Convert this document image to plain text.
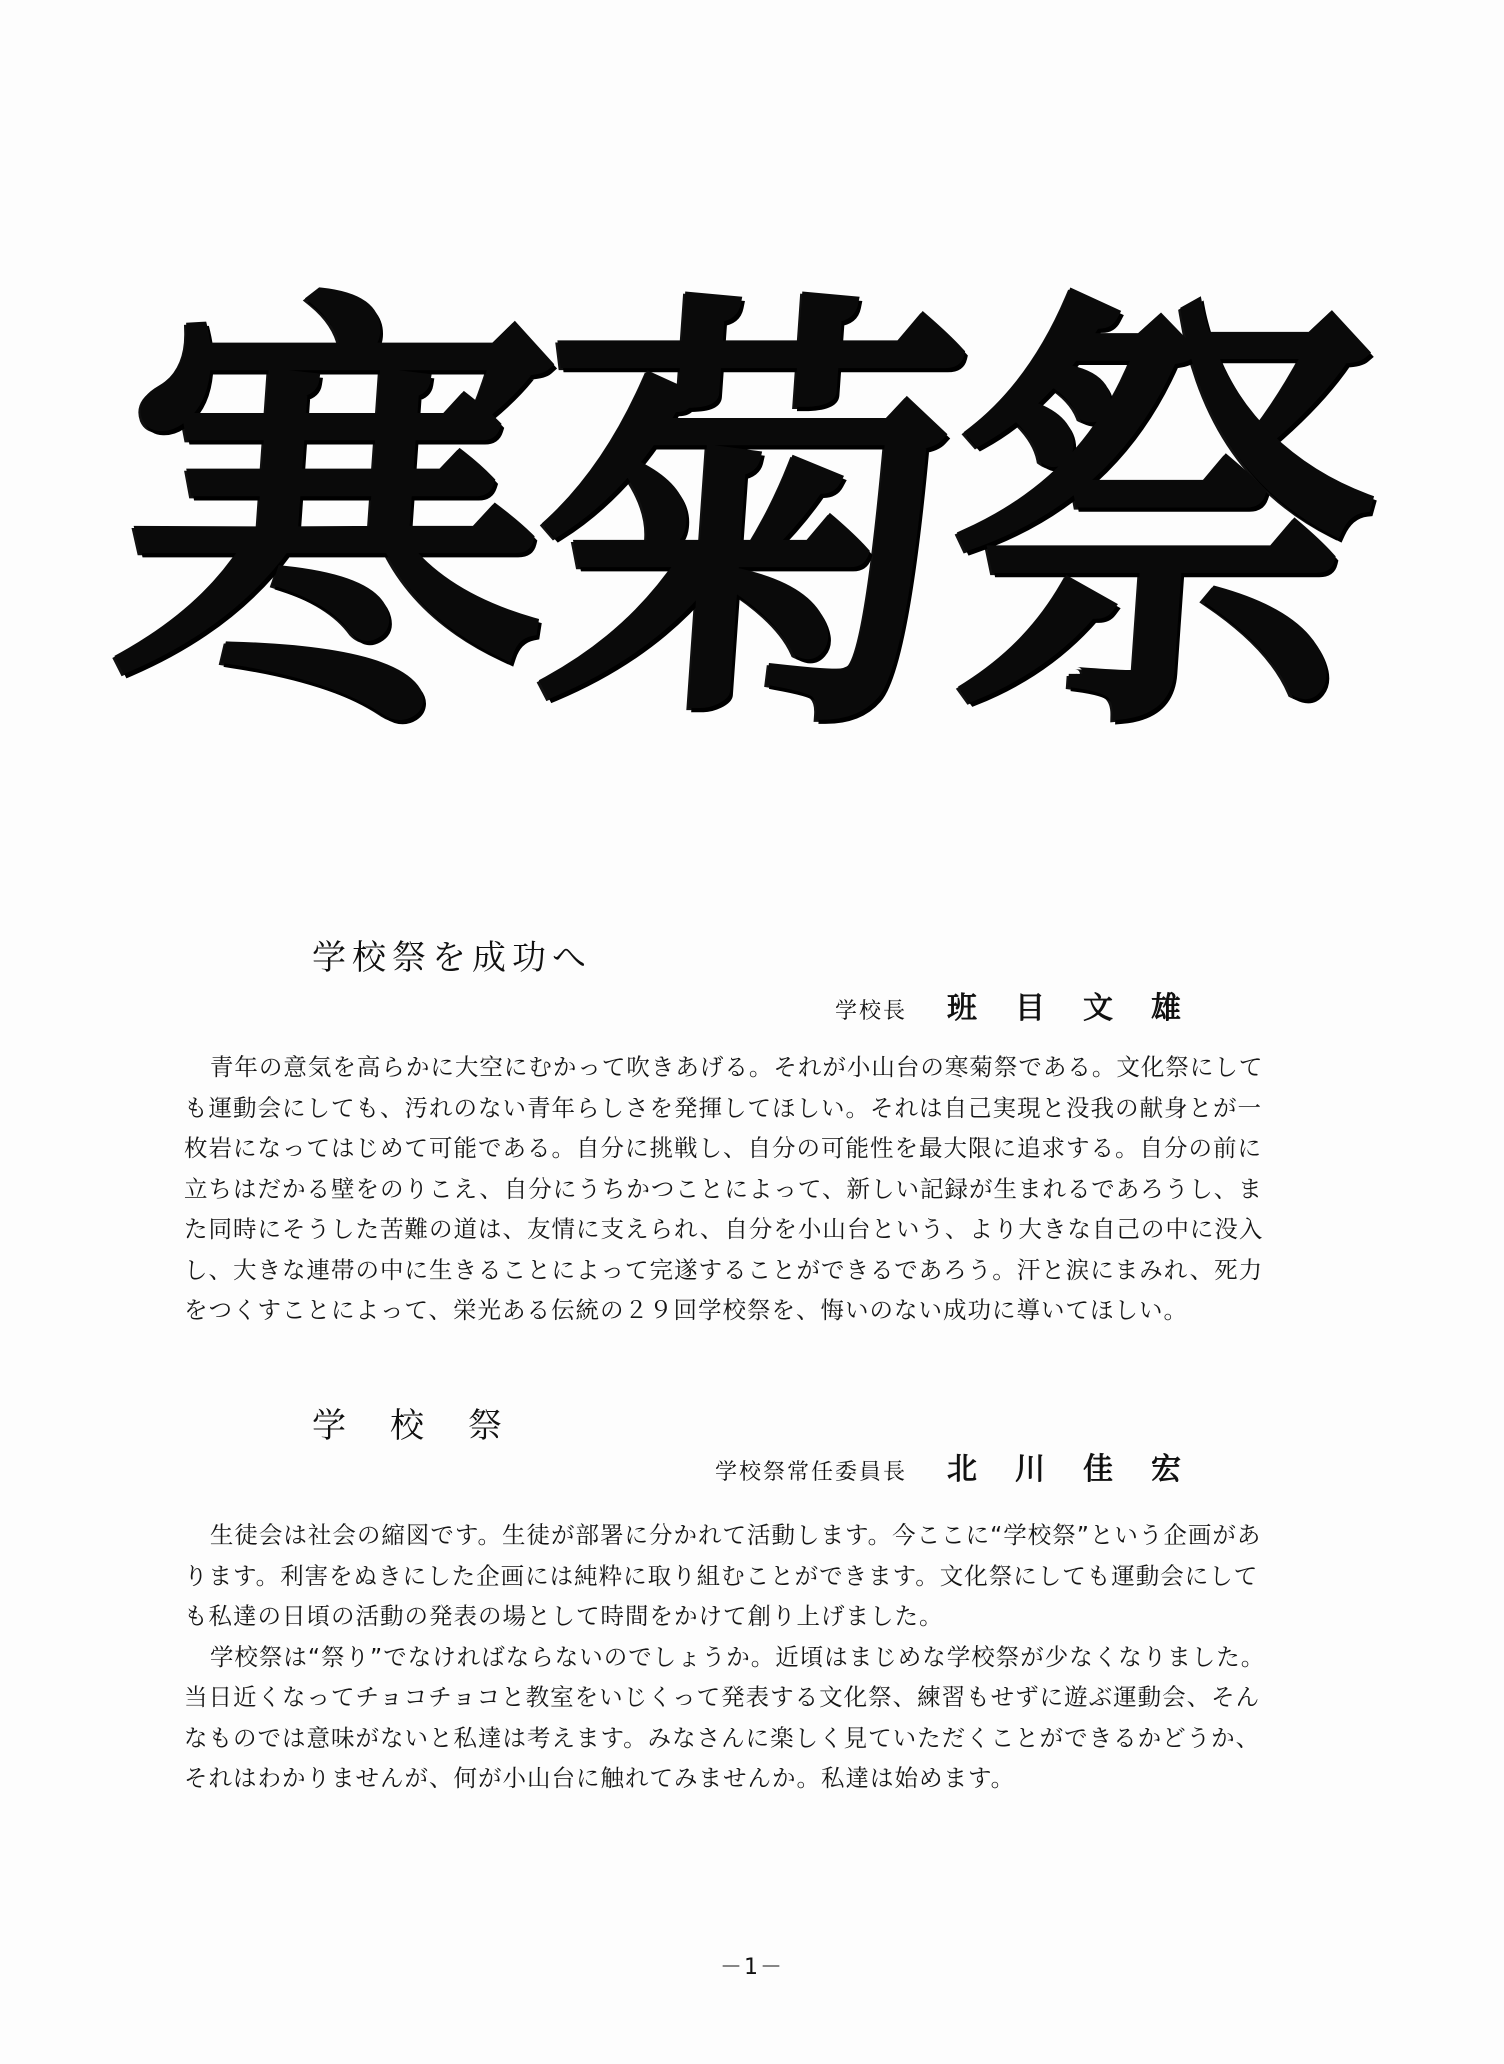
寒
菊
祭
学校祭を成功へ
学校長 班目文雄

青年の意気を高らかに大空にむかって吹きあげる。それが小山台の寒菊祭である。文化祭にしても運動会にしても、汚れのない青年らしさを発揮してほしい。それは自己実現と没我の献身とが一枚岩になってはじめて可能である。自分に挑戦し、自分の可能性を最大限に追求する。自分の前に立ちはだかる壁をのりこえ、自分にうちかつことによって、新しい記録が生まれるであろうし、また同時にそうした苦難の道は、友情に支えられ、自分を小山台という、より大きな自己の中に没入し、大きな連帯の中に生きることによって完遂することができるであろう。汗と涙にまみれ、死力をつくすことによって、栄光ある伝統の２９回学校祭を、悔いのない成功に導いてほしい。

学校祭
学校祭常任委員長 北川佳宏

生徒会は社会の縮図です。生徒が部署に分かれて活動します。今ここに“学校祭”という企画があります。利害をぬきにした企画には純粋に取り組むことができます。文化祭にしても運動会にしても私達の日頃の活動の発表の場として時間をかけて創り上げました。

学校祭は“祭り”でなければならないのでしょうか。近頃はまじめな学校祭が少なくなりました。当日近くなってチョコチョコと教室をいじくって発表する文化祭、練習もせずに遊ぶ運動会、そんなものでは意味がないと私達は考えます。みなさんに楽しく見ていただくことができるかどうか、それはわかりませんが、何が小山台に触れてみませんか。私達は始めます。

－1－
